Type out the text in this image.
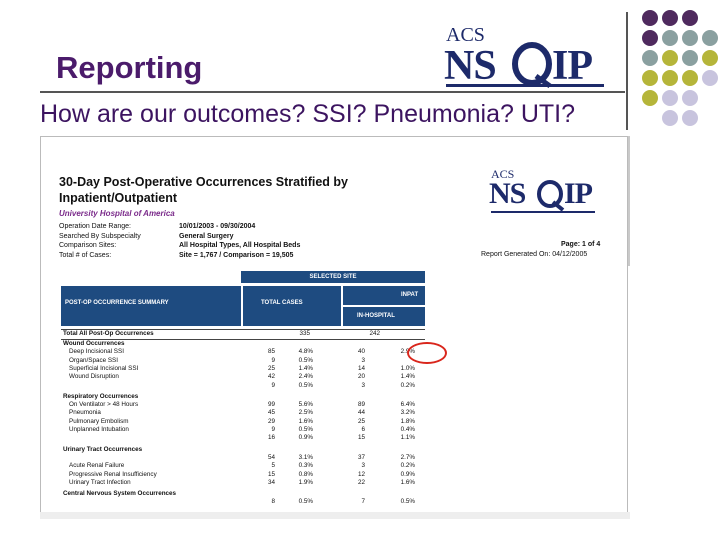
Reporting
How are our outcomes? SSI? Pneumonia? UTI?
ACS
NS IP
30-Day Post-Operative Occurrences Stratified by
Inpatient/Outpatient
University Hospital of America
Operation Date Range:	10/01/2003 - 09/30/2004
Searched By Subspecialty	General Surgery
Comparison Sites:	All Hospital Types, All Hospital Beds
Total # of Cases:	Site = 1,767 / Comparison = 19,505
Page: 1 of 4
Report Generated On: 04/12/2005
ACS
NS IP
SELECTED SITE
POST-OP OCCURRENCE SUMMARY	TOTAL CASES
INPAT
IN-HOSPITAL
Total All Post-Op Occurrences	335	242
Wound Occurrences
Deep Incisional SSI	85	4.8%	40	2.9%
Organ/Space SSI	9	0.5%	3
Superficial Incisional SSI	25	1.4%	14	1.0%
Wound Disruption	42	2.4%	20	1.4%
9	0.5%	3	0.2%
Respiratory Occurrences
On Ventilator > 48 Hours	99	5.6%	89	6.4%
Pneumonia	45	2.5%	44	3.2%
Pulmonary Embolism	29	1.6%	25	1.8%
Unplanned Intubation	9	0.5%	6	0.4%
16	0.9%	15	1.1%
Urinary Tract Occurrences
54	3.1%	37	2.7%
Acute Renal Failure	5	0.3%	3	0.2%
Progressive Renal Insufficiency	15	0.8%	12	0.9%
Urinary Tract Infection	34	1.9%	22	1.6%
Central Nervous System Occurrences
8	0.5%	7	0.5%
